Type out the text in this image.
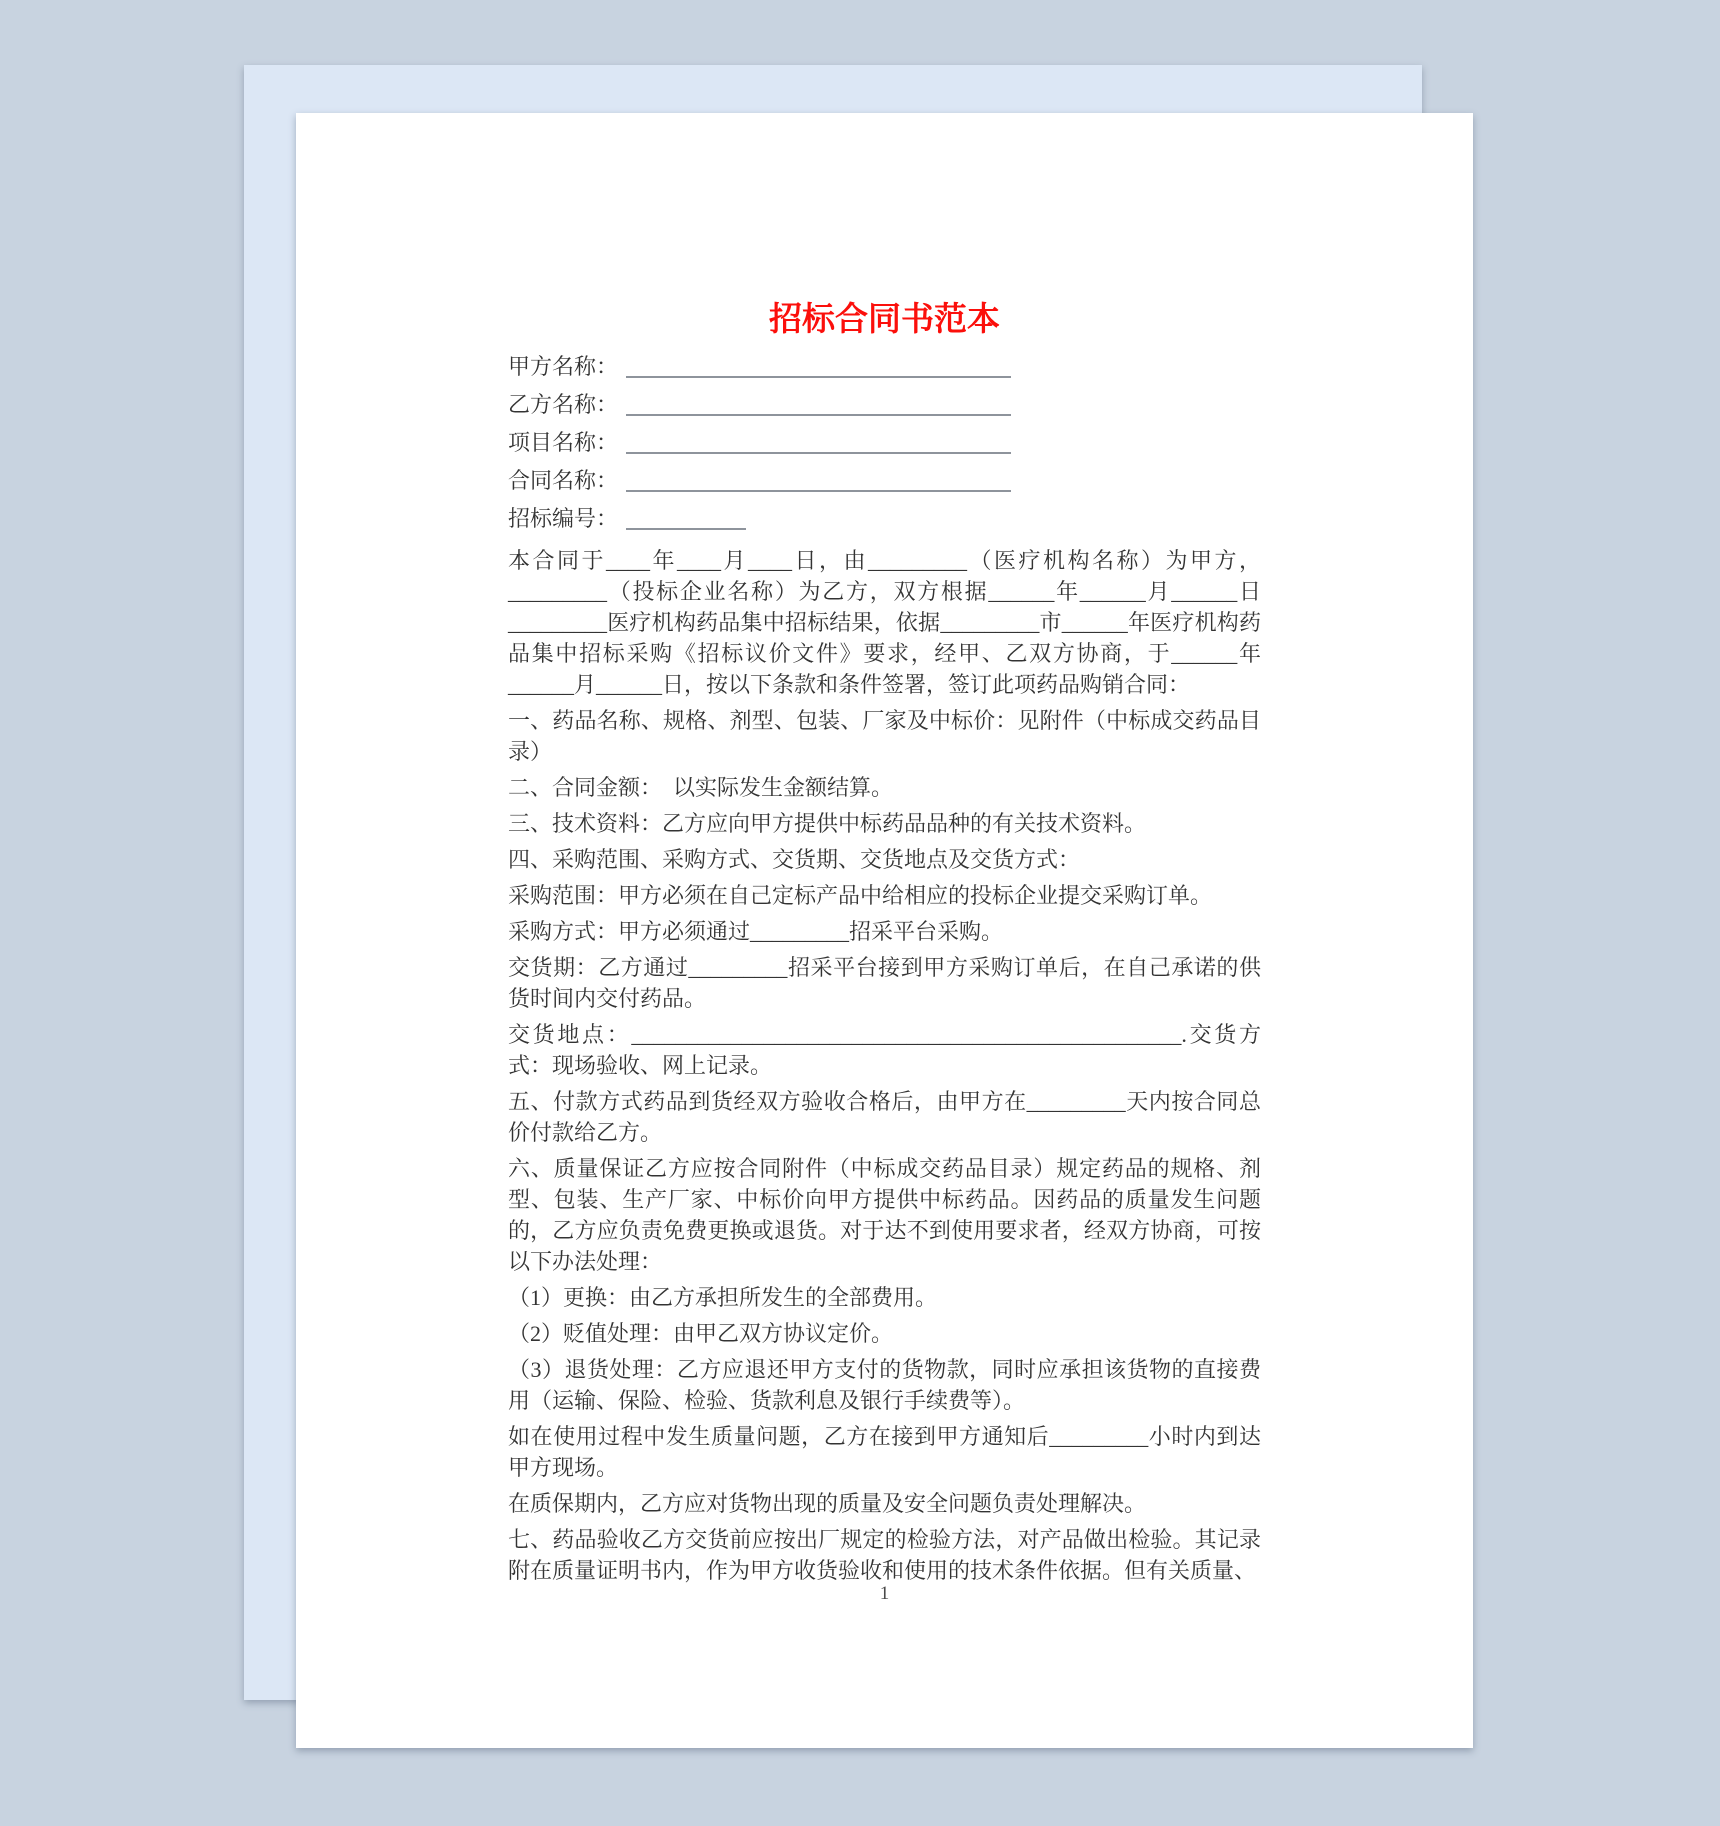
招标合同书范本
甲方名称：
乙方名称：
项目名称：
合同名称：
招标编号：

本合同于____年____月____日，由_________（医疗机构名称）为甲方，_________（投标企业名称）为乙方，双方根据______年______月______日_________医疗机构药品集中招标结果，依据_________市______年医疗机构药品集中招标采购《招标议价文件》要求，经甲、乙双方协商，于______年______月______日，按以下条款和条件签署，签订此项药品购销合同：

一、药品名称、规格、剂型、包装、厂家及中标价：见附件（中标成交药品目录）

二、合同金额：　以实际发生金额结算。

三、技术资料：乙方应向甲方提供中标药品品种的有关技术资料。

四、采购范围、采购方式、交货期、交货地点及交货方式：

采购范围：甲方必须在自己定标产品中给相应的投标企业提交采购订单。

采购方式：甲方必须通过_________招采平台采购。

交货期：乙方通过_________招采平台接到甲方采购订单后，在自己承诺的供货时间内交付药品。

交货地点：__________________________________________________.交货方式：现场验收、网上记录。

五、付款方式药品到货经双方验收合格后，由甲方在_________天内按合同总价付款给乙方。

六、质量保证乙方应按合同附件（中标成交药品目录）规定药品的规格、剂型、包装、生产厂家、中标价向甲方提供中标药品。因药品的质量发生问题的，乙方应负责免费更换或退货。对于达不到使用要求者，经双方协商，可按以下办法处理：

（1）更换：由乙方承担所发生的全部费用。

（2）贬值处理：由甲乙双方协议定价。

（3）退货处理：乙方应退还甲方支付的货物款，同时应承担该货物的直接费用（运输、保险、检验、货款利息及银行手续费等）。

如在使用过程中发生质量问题，乙方在接到甲方通知后_________小时内到达甲方现场。

在质保期内，乙方应对货物出现的质量及安全问题负责处理解决。

七、药品验收乙方交货前应按出厂规定的检验方法，对产品做出检验。其记录附在质量证明书内，作为甲方收货验收和使用的技术条件依据。但有关质量、

1
